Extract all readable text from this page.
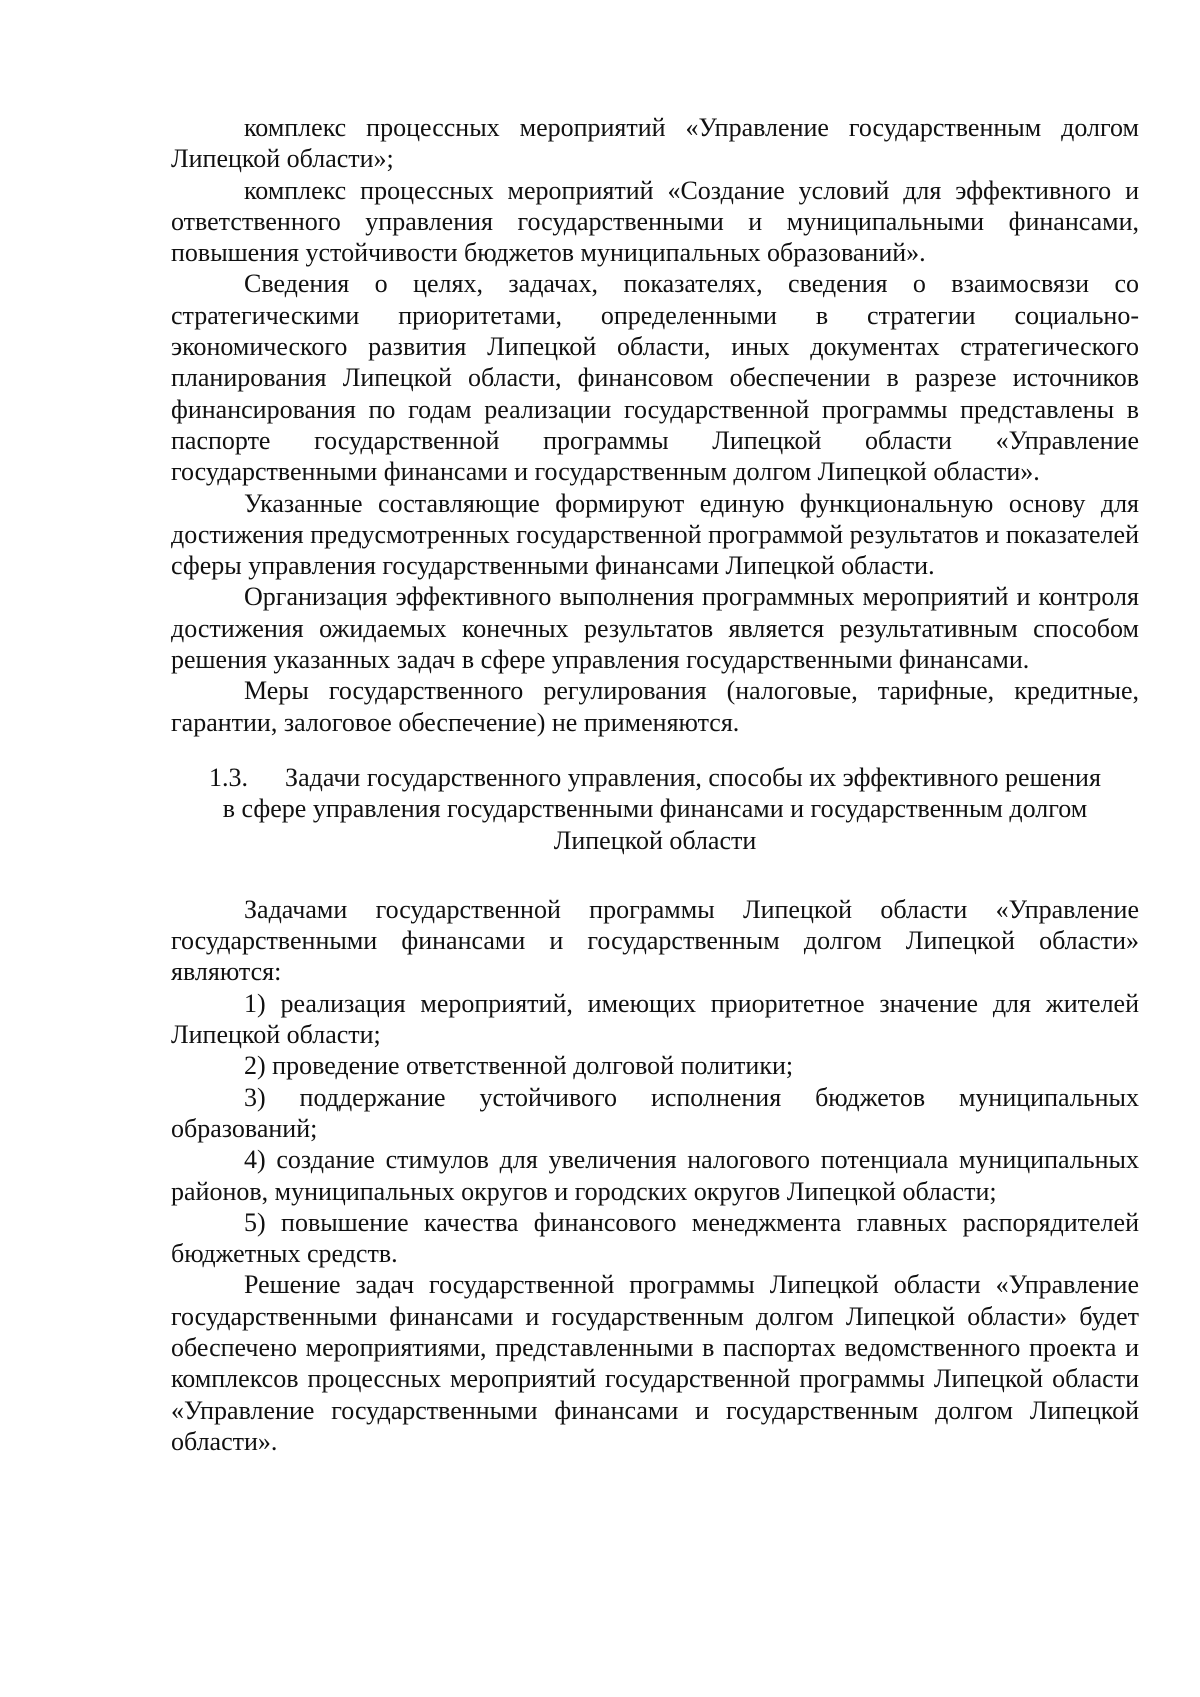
комплекс процессных мероприятий «Управление государственным долгом Липецкой области»;

комплекс процессных мероприятий «Создание условий для эффективного и ответственного управления государственными и муниципальными финансами, повышения устойчивости бюджетов муниципальных образований».

Сведения о целях, задачах, показателях, сведения о взаимосвязи со стратегическими приоритетами, определенными в стратегии социально-экономического развития Липецкой области, иных документах стратегического планирования Липецкой области, финансовом обеспечении в разрезе источников финансирования по годам реализации государственной программы представлены в паспорте государственной программы Липецкой области «Управление государственными финансами и государственным долгом Липецкой области».

Указанные составляющие формируют единую функциональную основу для достижения предусмотренных государственной программой результатов и показателей сферы управления государственными финансами Липецкой области.

Организация эффективного выполнения программных мероприятий и контроля достижения ожидаемых конечных результатов является результативным способом решения указанных задач в сфере управления государственными финансами.

Меры государственного регулирования (налоговые, тарифные, кредитные, гарантии, залоговое обеспечение) не применяются.

1.3. Задачи государственного управления, способы их эффективного решения
в сфере управления государственными финансами и государственным долгом
Липецкой области

Задачами государственной программы Липецкой области «Управление государственными финансами и государственным долгом Липецкой области» являются:

1) реализация мероприятий, имеющих приоритетное значение для жителей Липецкой области;

2) проведение ответственной долговой политики;

3) поддержание устойчивого исполнения бюджетов муниципальных образований;

4) создание стимулов для увеличения налогового потенциала муниципальных районов, муниципальных округов и городских округов Липецкой области;

5) повышение качества финансового менеджмента главных распорядителей бюджетных средств.

Решение задач государственной программы Липецкой области «Управление государственными финансами и государственным долгом Липецкой области» будет обеспечено мероприятиями, представленными в паспортах ведомственного проекта и комплексов процессных мероприятий государственной программы Липецкой области «Управление государственными финансами и государственным долгом Липецкой области».
